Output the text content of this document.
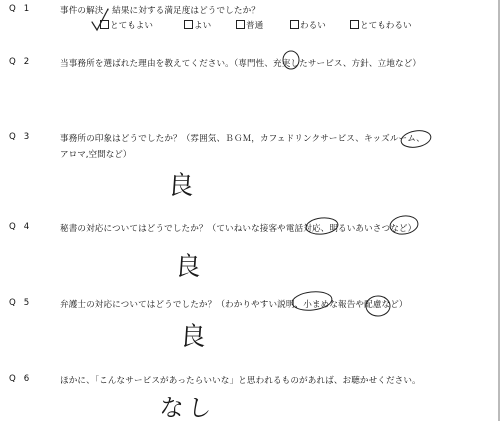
Q 1	事件の解決・結果に対する満足度はどうでしたか？
とてもよい	よい	普通	わるい	とてもわるい
Q 2	当事務所を選ばれた理由を教えてください。（専門性、充実したサービス、方針、立地など）
Q 3	事務所の印象はどうでしたか？（雰囲気、ＢＧＭ，カフェドリンクサービス、キッズルーム、
アロマ,空間など）
良
Q 4	秘書の対応についてはどうでしたか？（ていねいな接客や電話対応、明るいあいさつなど）
良
Q 5	弁護士の対応についてはどうでしたか？（わかりやすい説明、小まめな報告や配慮など）
良
Q 6	ほかに、「こんなサービスがあったらいいな」と思われるものがあれば、お聴かせください。
なし
